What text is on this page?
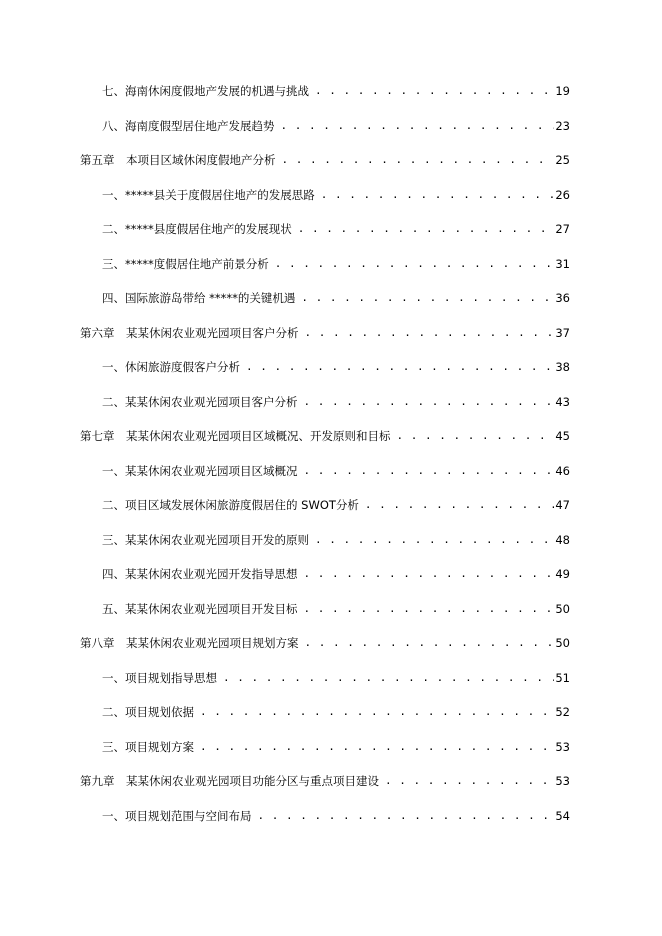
七、海南休闲度假地产发展的机遇与挑战 . . .	19
八、海南度假型居住地产发展趋势 . . .	23
第五章　本项目区域休闲度假地产分析 . . .	25
一、*****县关于度假居住地产的发展思路 . . .	26
二、*****县度假居住地产的发展现状 . . .	27
三、*****度假居住地产前景分析 . . .	31
四、国际旅游岛带给 *****的关键机遇 . . .	36
第六章　某某休闲农业观光园项目客户分析 . . .	37
一、休闲旅游度假客户分析 . . .	38
二、某某休闲农业观光园项目客户分析 . . .	43
第七章　某某休闲农业观光园项目区域概况、开发原则和目标 . . .	45
一、某某休闲农业观光园项目区域概况 . . .	46
二、项目区域发展休闲旅游度假居住的 SWOT分析 . . .	47
三、某某休闲农业观光园项目开发的原则 . . .	48
四、某某休闲农业观光园开发指导思想 . . .	49
五、某某休闲农业观光园项目开发目标 . . .	50
第八章　某某休闲农业观光园项目规划方案 . . .	50
一、项目规划指导思想 . . .	51
二、项目规划依据 . . .	52
三、项目规划方案 . . .	53
第九章　某某休闲农业观光园项目功能分区与重点项目建设 . . .	53
一、项目规划范围与空间布局 . . .	54
